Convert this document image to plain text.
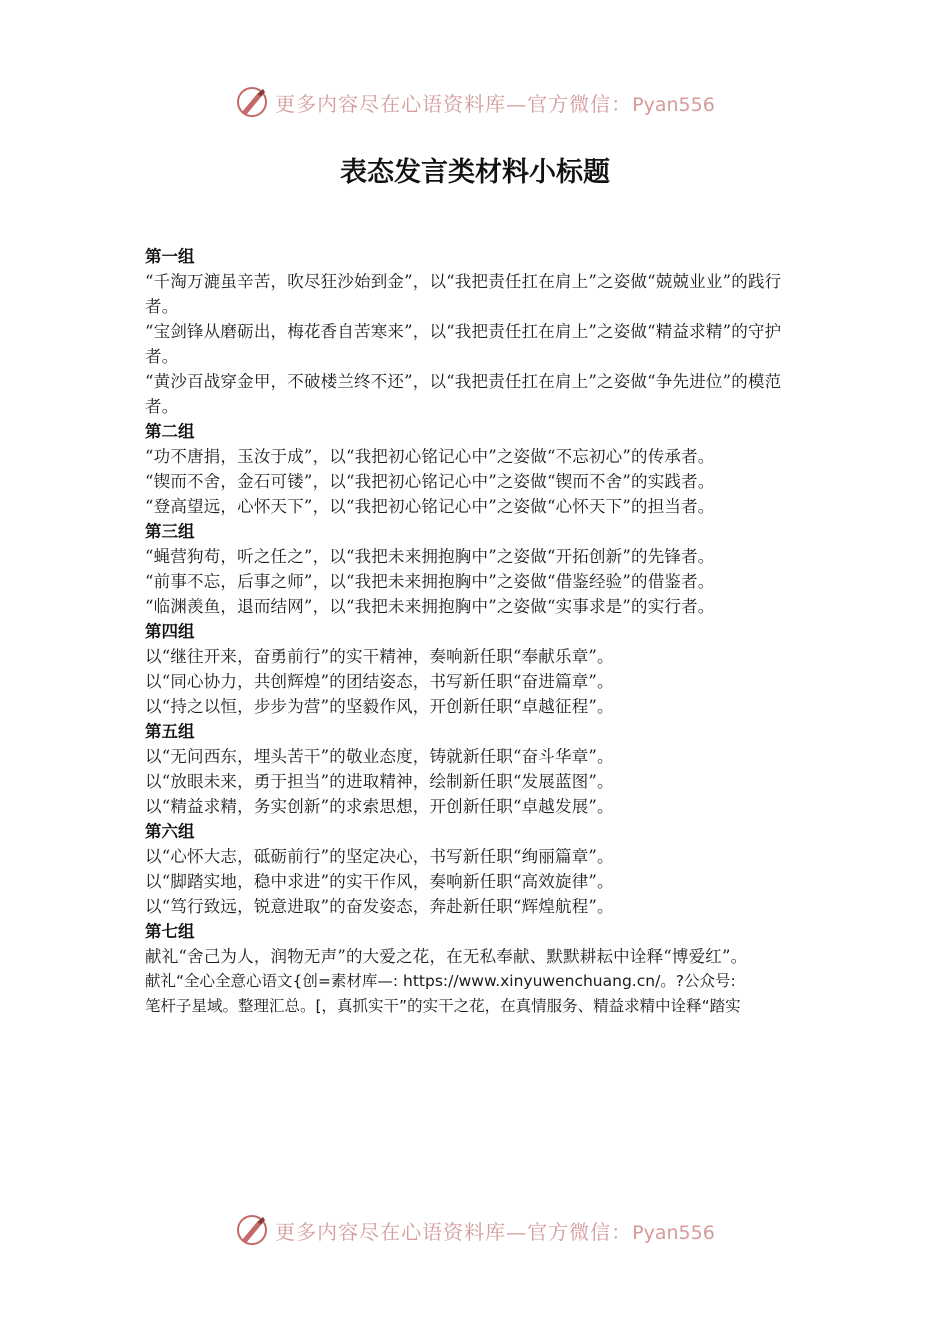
更多内容尽在心语资料库—官方微信：Pyan556
表态发言类材料小标题

第一组

“千淘万漉虽辛苦，吹尽狂沙始到金”，以“我把责任扛在肩上”之姿做“兢兢业业”的践行者。

“宝剑锋从磨砺出，梅花香自苦寒来”，以“我把责任扛在肩上”之姿做“精益求精”的守护者。

“黄沙百战穿金甲，不破楼兰终不还”，以“我把责任扛在肩上”之姿做“争先进位”的模范者。

第二组

“功不唐捐，玉汝于成”，以“我把初心铭记心中”之姿做“不忘初心”的传承者。

“锲而不舍，金石可镂”，以“我把初心铭记心中”之姿做“锲而不舍”的实践者。

“登高望远，心怀天下”，以“我把初心铭记心中”之姿做“心怀天下”的担当者。

第三组

“蝇营狗苟，听之任之”，以“我把未来拥抱胸中”之姿做“开拓创新”的先锋者。

“前事不忘，后事之师”，以“我把未来拥抱胸中”之姿做“借鉴经验”的借鉴者。

“临渊羡鱼，退而结网”，以“我把未来拥抱胸中”之姿做“实事求是”的实行者。

第四组

以“继往开来，奋勇前行”的实干精神，奏响新任职“奉献乐章”。

以“同心协力，共创辉煌”的团结姿态，书写新任职“奋进篇章”。

以“持之以恒，步步为营”的坚毅作风，开创新任职“卓越征程”。

第五组

以“无问西东，埋头苦干”的敬业态度，铸就新任职“奋斗华章”。

以“放眼未来，勇于担当”的进取精神，绘制新任职“发展蓝图”。

以“精益求精，务实创新”的求索思想，开创新任职“卓越发展”。

第六组

以“心怀大志，砥砺前行”的坚定决心，书写新任职“绚丽篇章”。

以“脚踏实地，稳中求进”的实干作风，奏响新任职“高效旋律”。

以“笃行致远，锐意进取”的奋发姿态，奔赴新任职“辉煌航程”。

第七组

献礼“舍己为人，润物无声”的大爱之花，在无私奉献、默默耕耘中诠释“博爱红”。

献礼“全心全意心语文{创=素材库—: https://www.xinyuwenchuang.cn/。?公众号:

笔杆子星域。整理汇总。[，真抓实干”的实干之花，在真情服务、精益求精中诠释“踏实

更多内容尽在心语资料库—官方微信：Pyan556
